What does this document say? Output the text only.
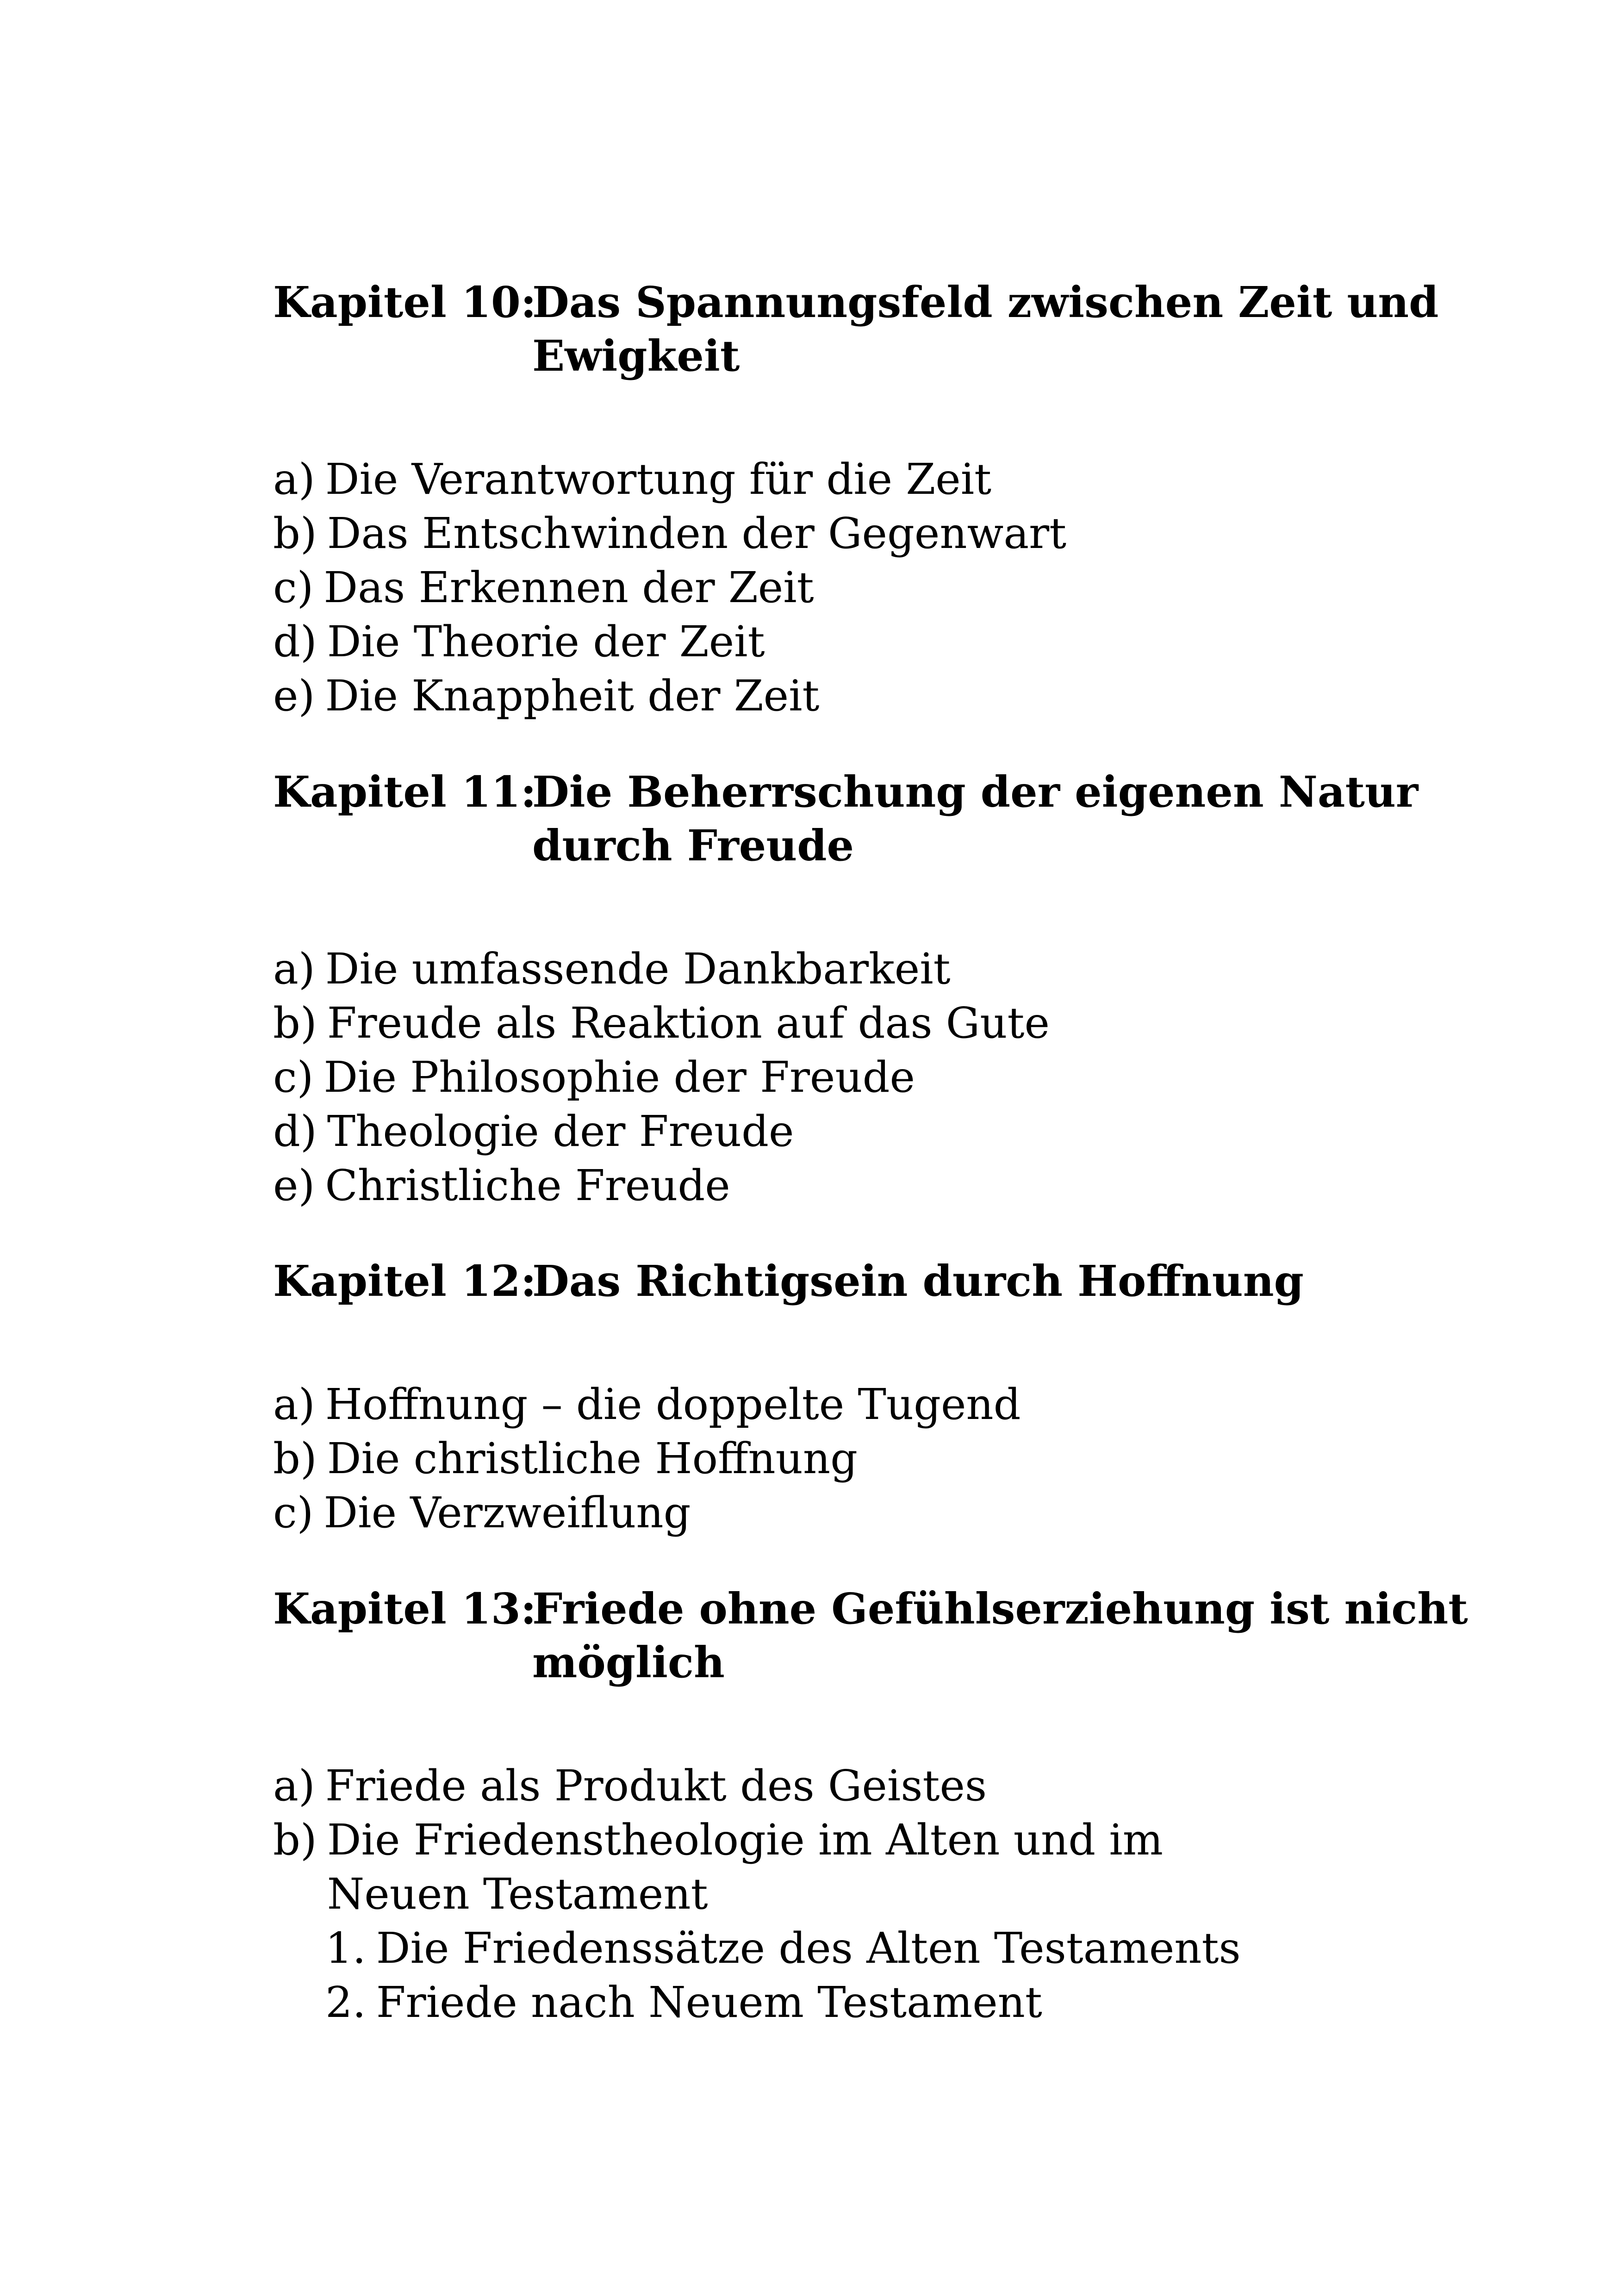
Kapitel 10:
Das Spannungsfeld zwischen Zeit und Ewigkeit
a) Die Verantwortung für die Zeit
b) Das Entschwinden der Gegenwart
c) Das Erkennen der Zeit
d) Die Theorie der Zeit
e) Die Knappheit der Zeit
Kapitel 11:
Die Beherrschung der eigenen Natur durch Freude
a) Die umfassende Dankbarkeit
b) Freude als Reaktion auf das Gute
c) Die Philosophie der Freude
d) Theologie der Freude
e) Christliche Freude
Kapitel 12:
Das Richtigsein durch Hoffnung
a) Hoffnung – die doppelte Tugend
b) Die christliche Hoffnung
c) Die Verzweiflung
Kapitel 13:
Friede ohne Gefühlserziehung ist nicht möglich
a) Friede als Produkt des Geistes
b) Die Friedenstheologie im Alten und im Neuen Testament
1. Die Friedenssätze des Alten Testaments
2. Friede nach Neuem Testament
